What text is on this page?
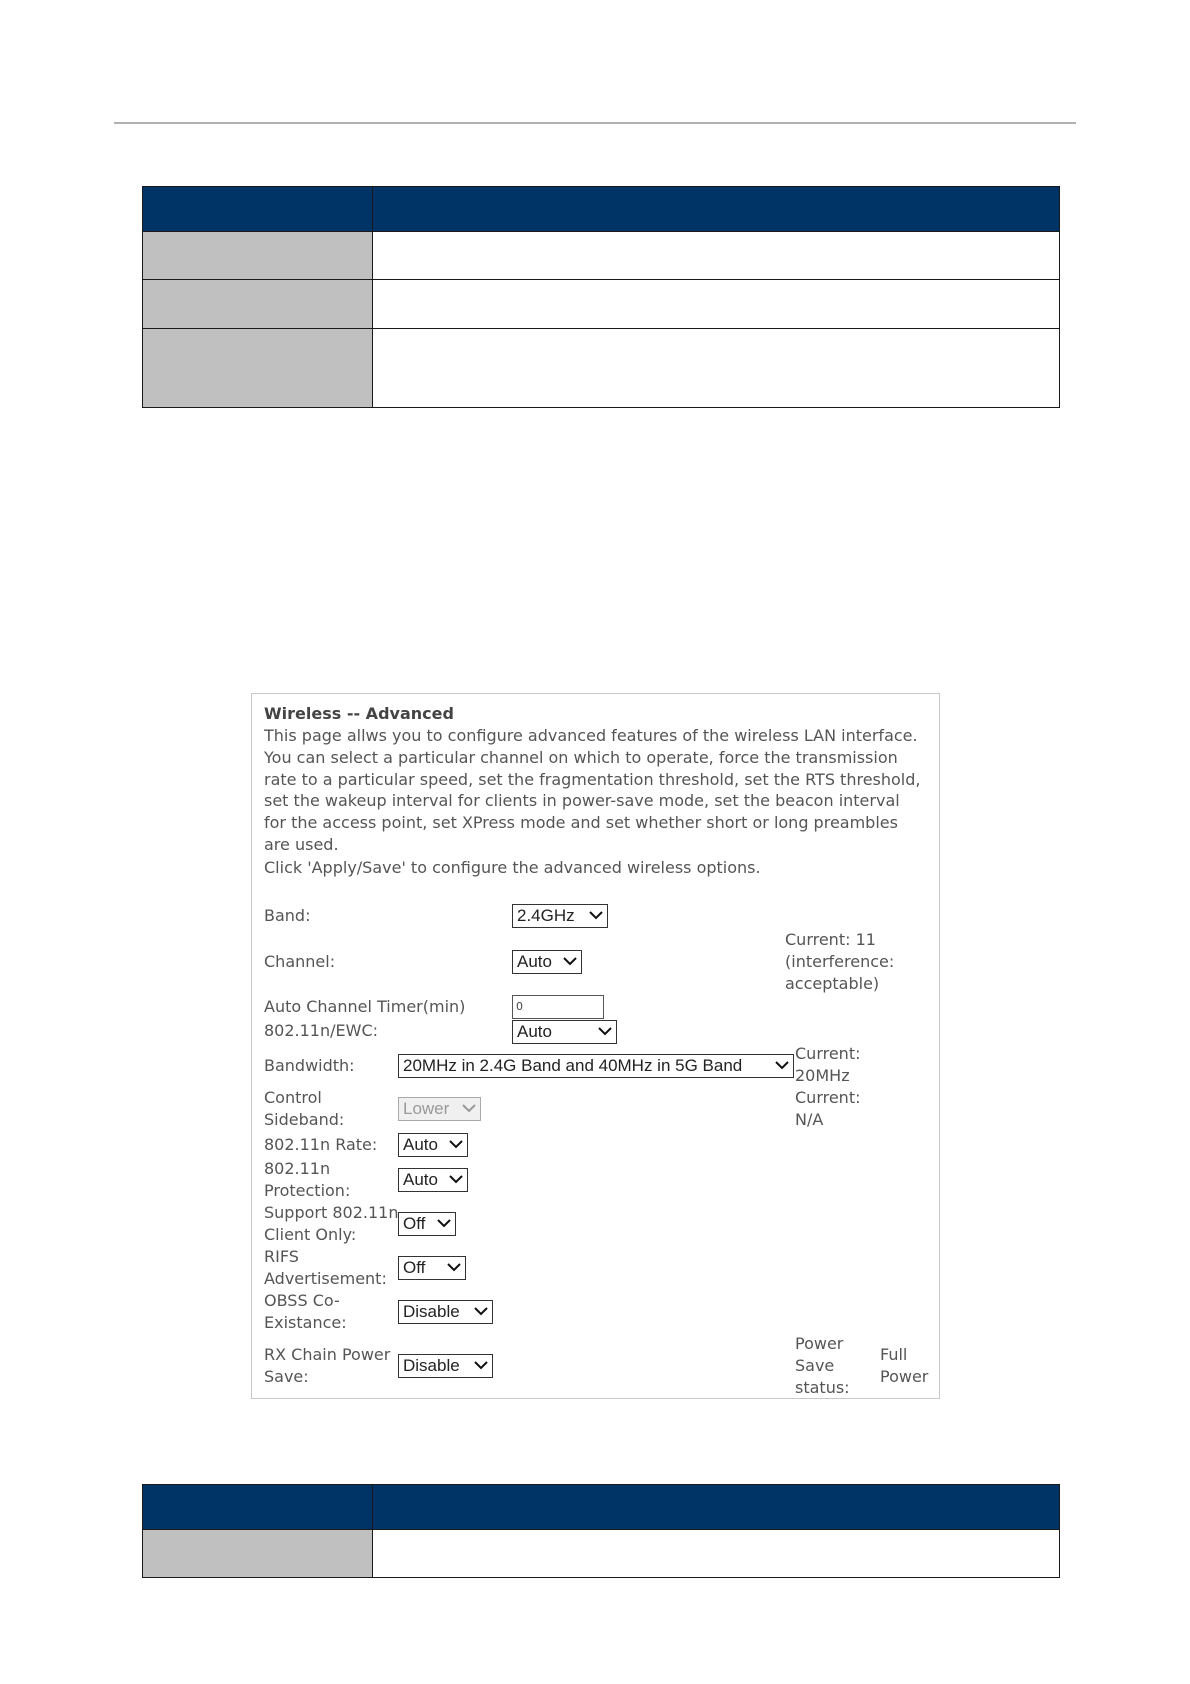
Wireless -- Advanced
This page allws you to configure advanced features of the wireless LAN interface.
You can select a particular channel on which to operate, force the transmission
rate to a particular speed, set the fragmentation threshold, set the RTS threshold,
set the wakeup interval for clients in power-save mode, set the beacon interval
for the access point, set XPress mode and set whether short or long preambles
are used.
Click 'Apply/Save' to configure the advanced wireless options.
Band:	2.4GHz
Channel:	Auto
Current: 11
(interference:
acceptable)
Auto Channel Timer(min)	0
802.11n/EWC:	Auto
Bandwidth:	20MHz in 2.4G Band and 40MHz in 5G Band
Current:
20MHz
Control
Sideband:
Lower
Current:
N/A
802.11n Rate: Auto
802.11n
Protection:
Auto
Support 802.11n
Client Only:
Off
RIFS
Advertisement:
Off
OBSS Co-
Existance:
Disable
RX Chain Power
Save:
Disable
Power
Save
status:
Full
Power
